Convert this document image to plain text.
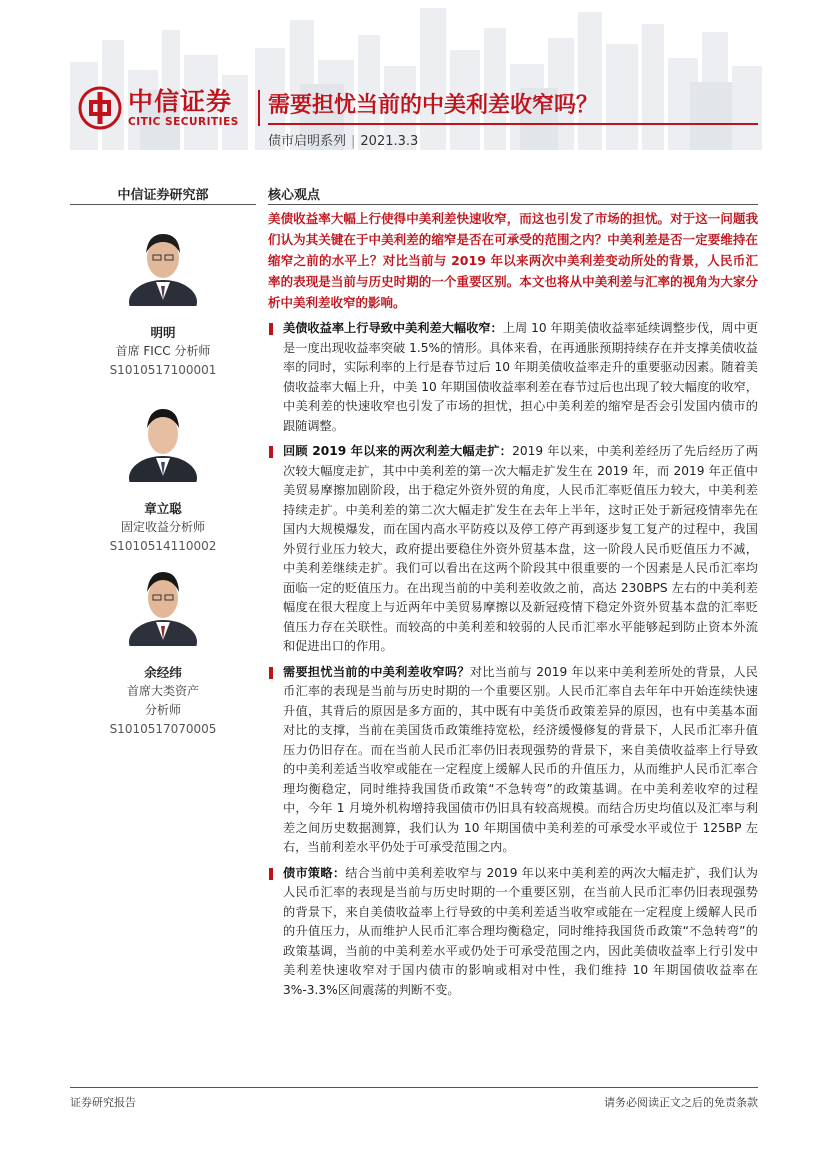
中信证券
CITIC SECURITIES
需要担忧当前的中美利差收窄吗？
债市启明系列 | 2021.3.3
中信证券研究部
明明
首席 FICC 分析师
S1010517100001
章立聪
固定收益分析师
S1010514110002
余经纬
首席大类资产
分析师
S1010517070005
核心观点

美债收益率大幅上行使得中美利差快速收窄，而这也引发了市场的担忧。对于这一问题我们认为其关键在于中美利差的缩窄是否在可承受的范围之内？中美利差是否一定要维持在缩窄之前的水平上？对比当前与 2019 年以来两次中美利差变动所处的背景，人民币汇率的表现是当前与历史时期的一个重要区别。本文也将从中美利差与汇率的视角为大家分析中美利差收窄的影响。

美债收益率上行导致中美利差大幅收窄：上周 10 年期美债收益率延续调整步伐，周中更是一度出现收益率突破 1.5%的情形。具体来看，在再通胀预期持续存在并支撑美债收益率的同时，实际利率的上行是春节过后 10 年期美债收益率走升的重要驱动因素。随着美债收益率大幅上升，中美 10 年期国债收益率利差在春节过后也出现了较大幅度的收窄，中美利差的快速收窄也引发了市场的担忧，担心中美利差的缩窄是否会引发国内债市的跟随调整。
回顾 2019 年以来的两次利差大幅走扩：2019 年以来，中美利差经历了先后经历了两次较大幅度走扩，其中中美利差的第一次大幅走扩发生在 2019 年，而 2019 年正值中美贸易摩擦加剧阶段，出于稳定外资外贸的角度，人民币汇率贬值压力较大，中美利差持续走扩。中美利差的第二次大幅走扩发生在去年上半年，这时正处于新冠疫情率先在国内大规模爆发，而在国内高水平防疫以及停工停产再到逐步复工复产的过程中，我国外贸行业压力较大，政府提出要稳住外资外贸基本盘，这一阶段人民币贬值压力不减，中美利差继续走扩。我们可以看出在这两个阶段其中很重要的一个因素是人民币汇率均面临一定的贬值压力。在出现当前的中美利差收敛之前，高达 230BPS 左右的中美利差幅度在很大程度上与近两年中美贸易摩擦以及新冠疫情下稳定外资外贸基本盘的汇率贬值压力存在关联性。而较高的中美利差和较弱的人民币汇率水平能够起到防止资本外流和促进出口的作用。
需要担忧当前的中美利差收窄吗？对比当前与 2019 年以来中美利差所处的背景，人民币汇率的表现是当前与历史时期的一个重要区别。人民币汇率自去年年中开始连续快速升值，其背后的原因是多方面的，其中既有中美货币政策差异的原因，也有中美基本面对比的支撑，当前在美国货币政策维持宽松，经济缓慢修复的背景下，人民币汇率升值压力仍旧存在。而在当前人民币汇率仍旧表现强势的背景下，来自美债收益率上行导致的中美利差适当收窄或能在一定程度上缓解人民币的升值压力，从而维护人民币汇率合理均衡稳定，同时维持我国货币政策“不急转弯”的政策基调。在中美利差收窄的过程中，今年 1 月境外机构增持我国债市仍旧具有较高规模。而结合历史均值以及汇率与利差之间历史数据测算，我们认为 10 年期国债中美利差的可承受水平或位于 125BP 左右，当前利差水平仍处于可承受范围之内。
债市策略：结合当前中美利差收窄与 2019 年以来中美利差的两次大幅走扩，我们认为人民币汇率的表现是当前与历史时期的一个重要区别，在当前人民币汇率仍旧表现强势的背景下，来自美债收益率上行导致的中美利差适当收窄或能在一定程度上缓解人民币的升值压力，从而维护人民币汇率合理均衡稳定，同时维持我国货币政策“不急转弯”的政策基调，当前的中美利差水平或仍处于可承受范围之内，因此美债收益率上行引发中美利差快速收窄对于国内债市的影响或相对中性，我们维持 10 年期国债收益率在 3%-3.3%区间震荡的判断不变。
证券研究报告	请务必阅读正文之后的免责条款
